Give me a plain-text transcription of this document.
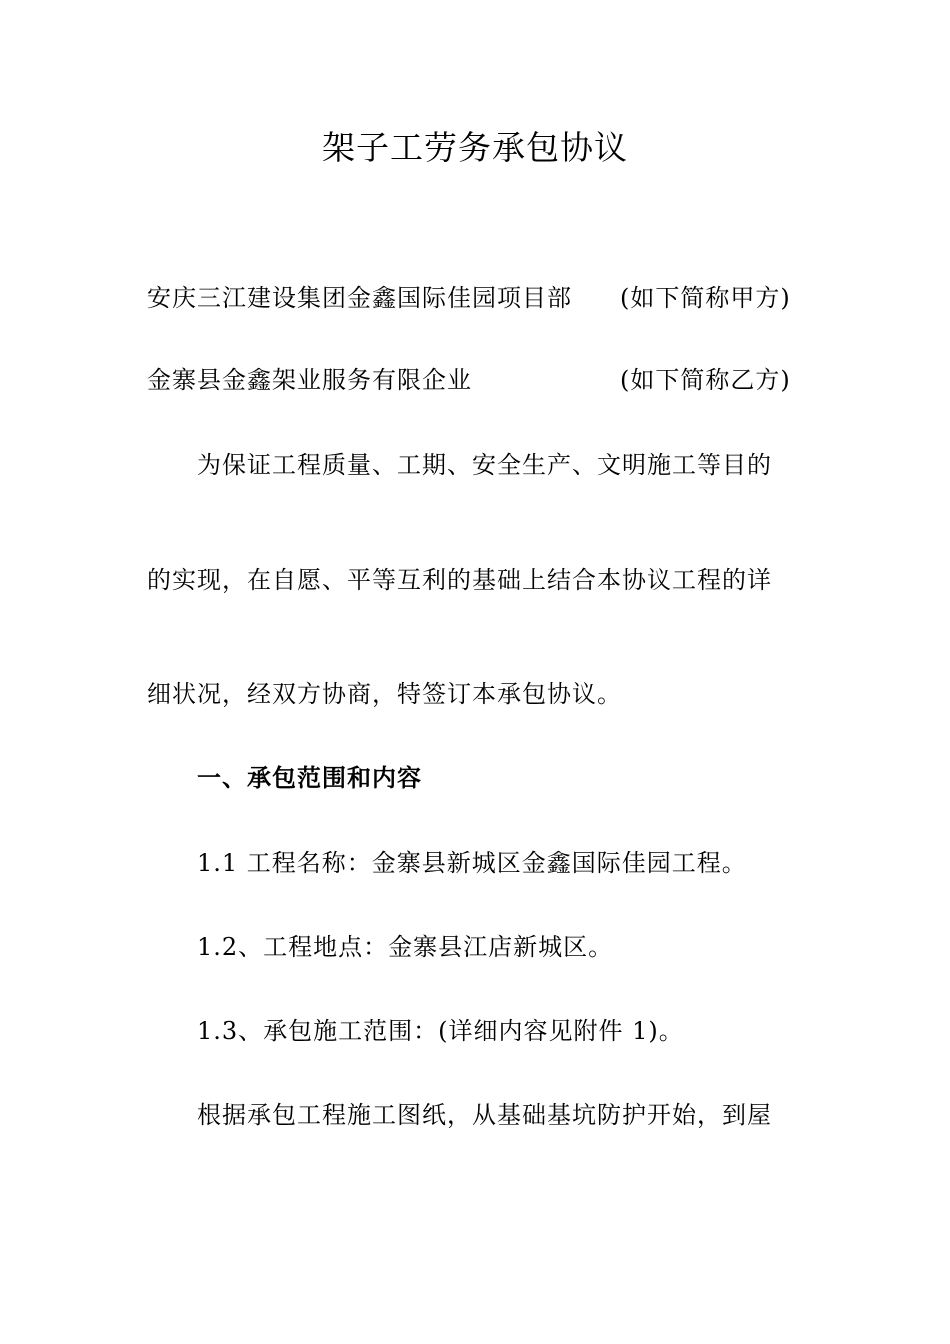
架子工劳务承包协议
安庆三江建设集团金鑫国际佳园项目部 (如下简称甲方)
金寨县金鑫架业服务有限企业	(如下简称乙方)
为保证工程质量、工期、安全生产、文明施工等目的
的实现，在自愿、平等互利的基础上结合本协议工程的详
细状况，经双方协商，特签订本承包协议。
一、承包范围和内容
1.1 工程名称：金寨县新城区金鑫国际佳园工程。
1.2、工程地点：金寨县江店新城区。
1.3、承包施工范围：(详细内容见附件 1)。
根据承包工程施工图纸，从基础基坑防护开始，到屋
